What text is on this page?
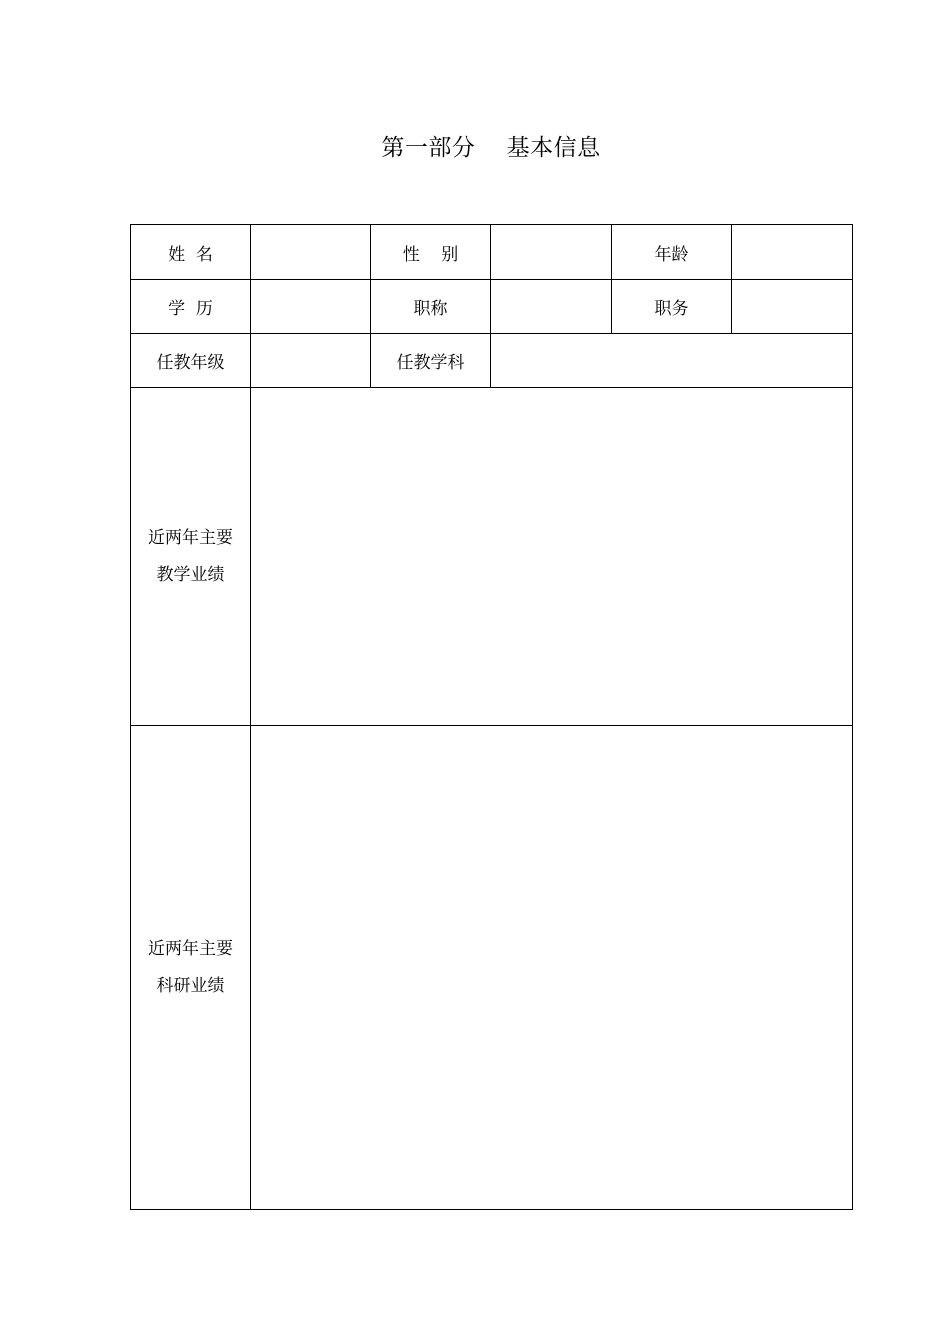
第一部分    基本信息
姓  名		性    别		年龄	
学  历		职称		职务	
任教年级		任教学科			

近两年主要
教学业绩					

近两年主要
科研业绩					
